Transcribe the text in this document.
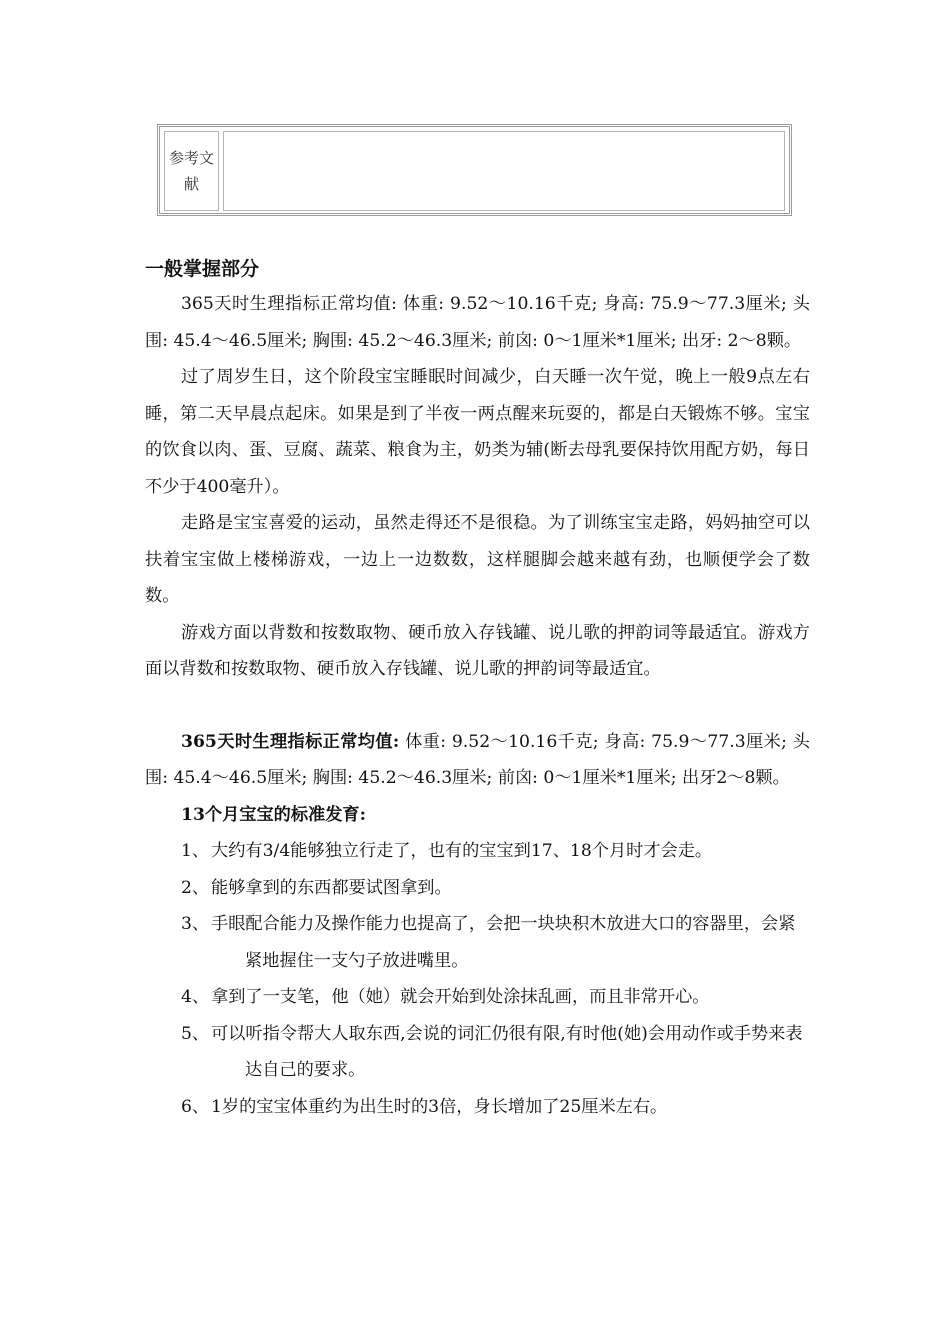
参考文献
一般掌握部分

365天时生理指标正常均值: 体重: 9.52～10.16千克; 身高: 75.9～77.3厘米; 头围: 45.4～46.5厘米; 胸围: 45.2～46.3厘米; 前囟: 0～1厘米*1厘米; 出牙: 2～8颗。

过了周岁生日，这个阶段宝宝睡眠时间减少，白天睡一次午觉，晚上一般9点左右睡，第二天早晨点起床。如果是到了半夜一两点醒来玩耍的，都是白天锻炼不够。宝宝的饮食以肉、蛋、豆腐、蔬菜、粮食为主，奶类为辅(断去母乳要保持饮用配方奶，每日不少于400毫升）。

走路是宝宝喜爱的运动，虽然走得还不是很稳。为了训练宝宝走路，妈妈抽空可以扶着宝宝做上楼梯游戏，一边上一边数数，这样腿脚会越来越有劲，也顺便学会了数数。

游戏方面以背数和按数取物、硬币放入存钱罐、说儿歌的押韵词等最适宜。游戏方面以背数和按数取物、硬币放入存钱罐、说儿歌的押韵词等最适宜。

365天时生理指标正常均值: 体重: 9.52～10.16千克; 身高: 75.9～77.3厘米; 头围: 45.4～46.5厘米; 胸围: 45.2～46.3厘米; 前囟: 0～1厘米*1厘米; 出牙2～8颗。

13个月宝宝的标准发育:
1、 大约有3/4能够独立行走了，也有的宝宝到17、18个月时才会走。
2、 能够拿到的东西都要试图拿到。
3、 手眼配合能力及操作能力也提高了，会把一块块积木放进大口的容器里，会紧紧地握住一支勺子放进嘴里。
4、 拿到了一支笔，他（她）就会开始到处涂抹乱画，而且非常开心。
5、 可以听指令帮大人取东西,会说的词汇仍很有限,有时他(她)会用动作或手势来表达自己的要求。
6、 1岁的宝宝体重约为出生时的3倍，身长增加了25厘米左右。
